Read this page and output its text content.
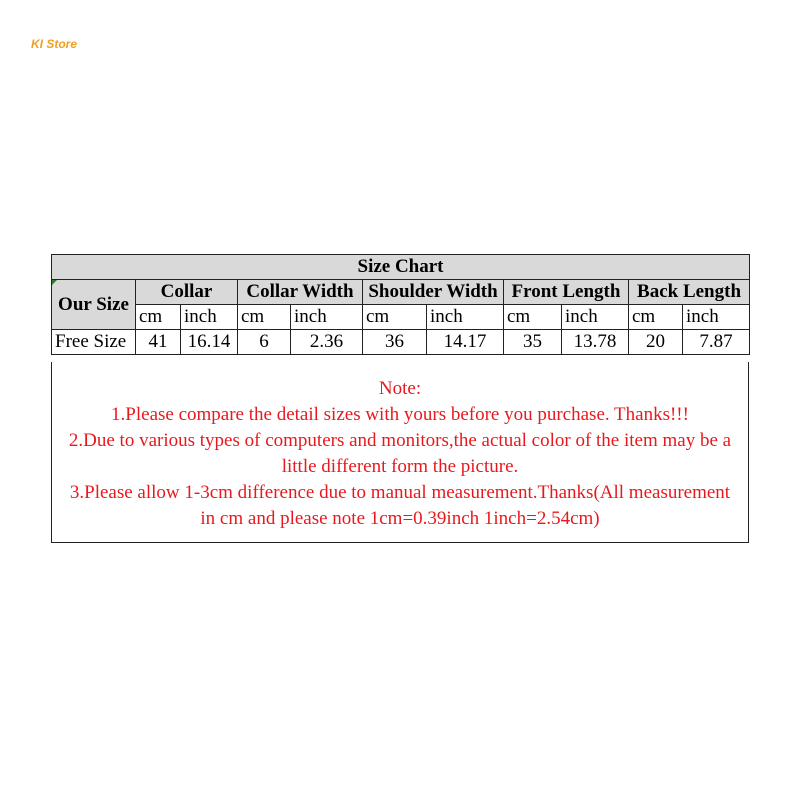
KI Store
Size Chart										

Our Size	Collar		Collar Width		Shoulder Width		Front Length		Back Length	
	cm	inch	cm	inch	cm	inch	cm	inch	cm	inch
Free Size	41	16.14	6	2.36	36	14.17	35	13.78	20	7.87
Note:
1.Please compare the detail sizes with yours before you purchase. Thanks!!!
2.Due to various types of computers and monitors,the actual color of the item may be a
little different form the picture.
3.Please allow 1-3cm difference due to manual measurement.Thanks(All measurement
in cm and please note 1cm=0.39inch 1inch=2.54cm)
